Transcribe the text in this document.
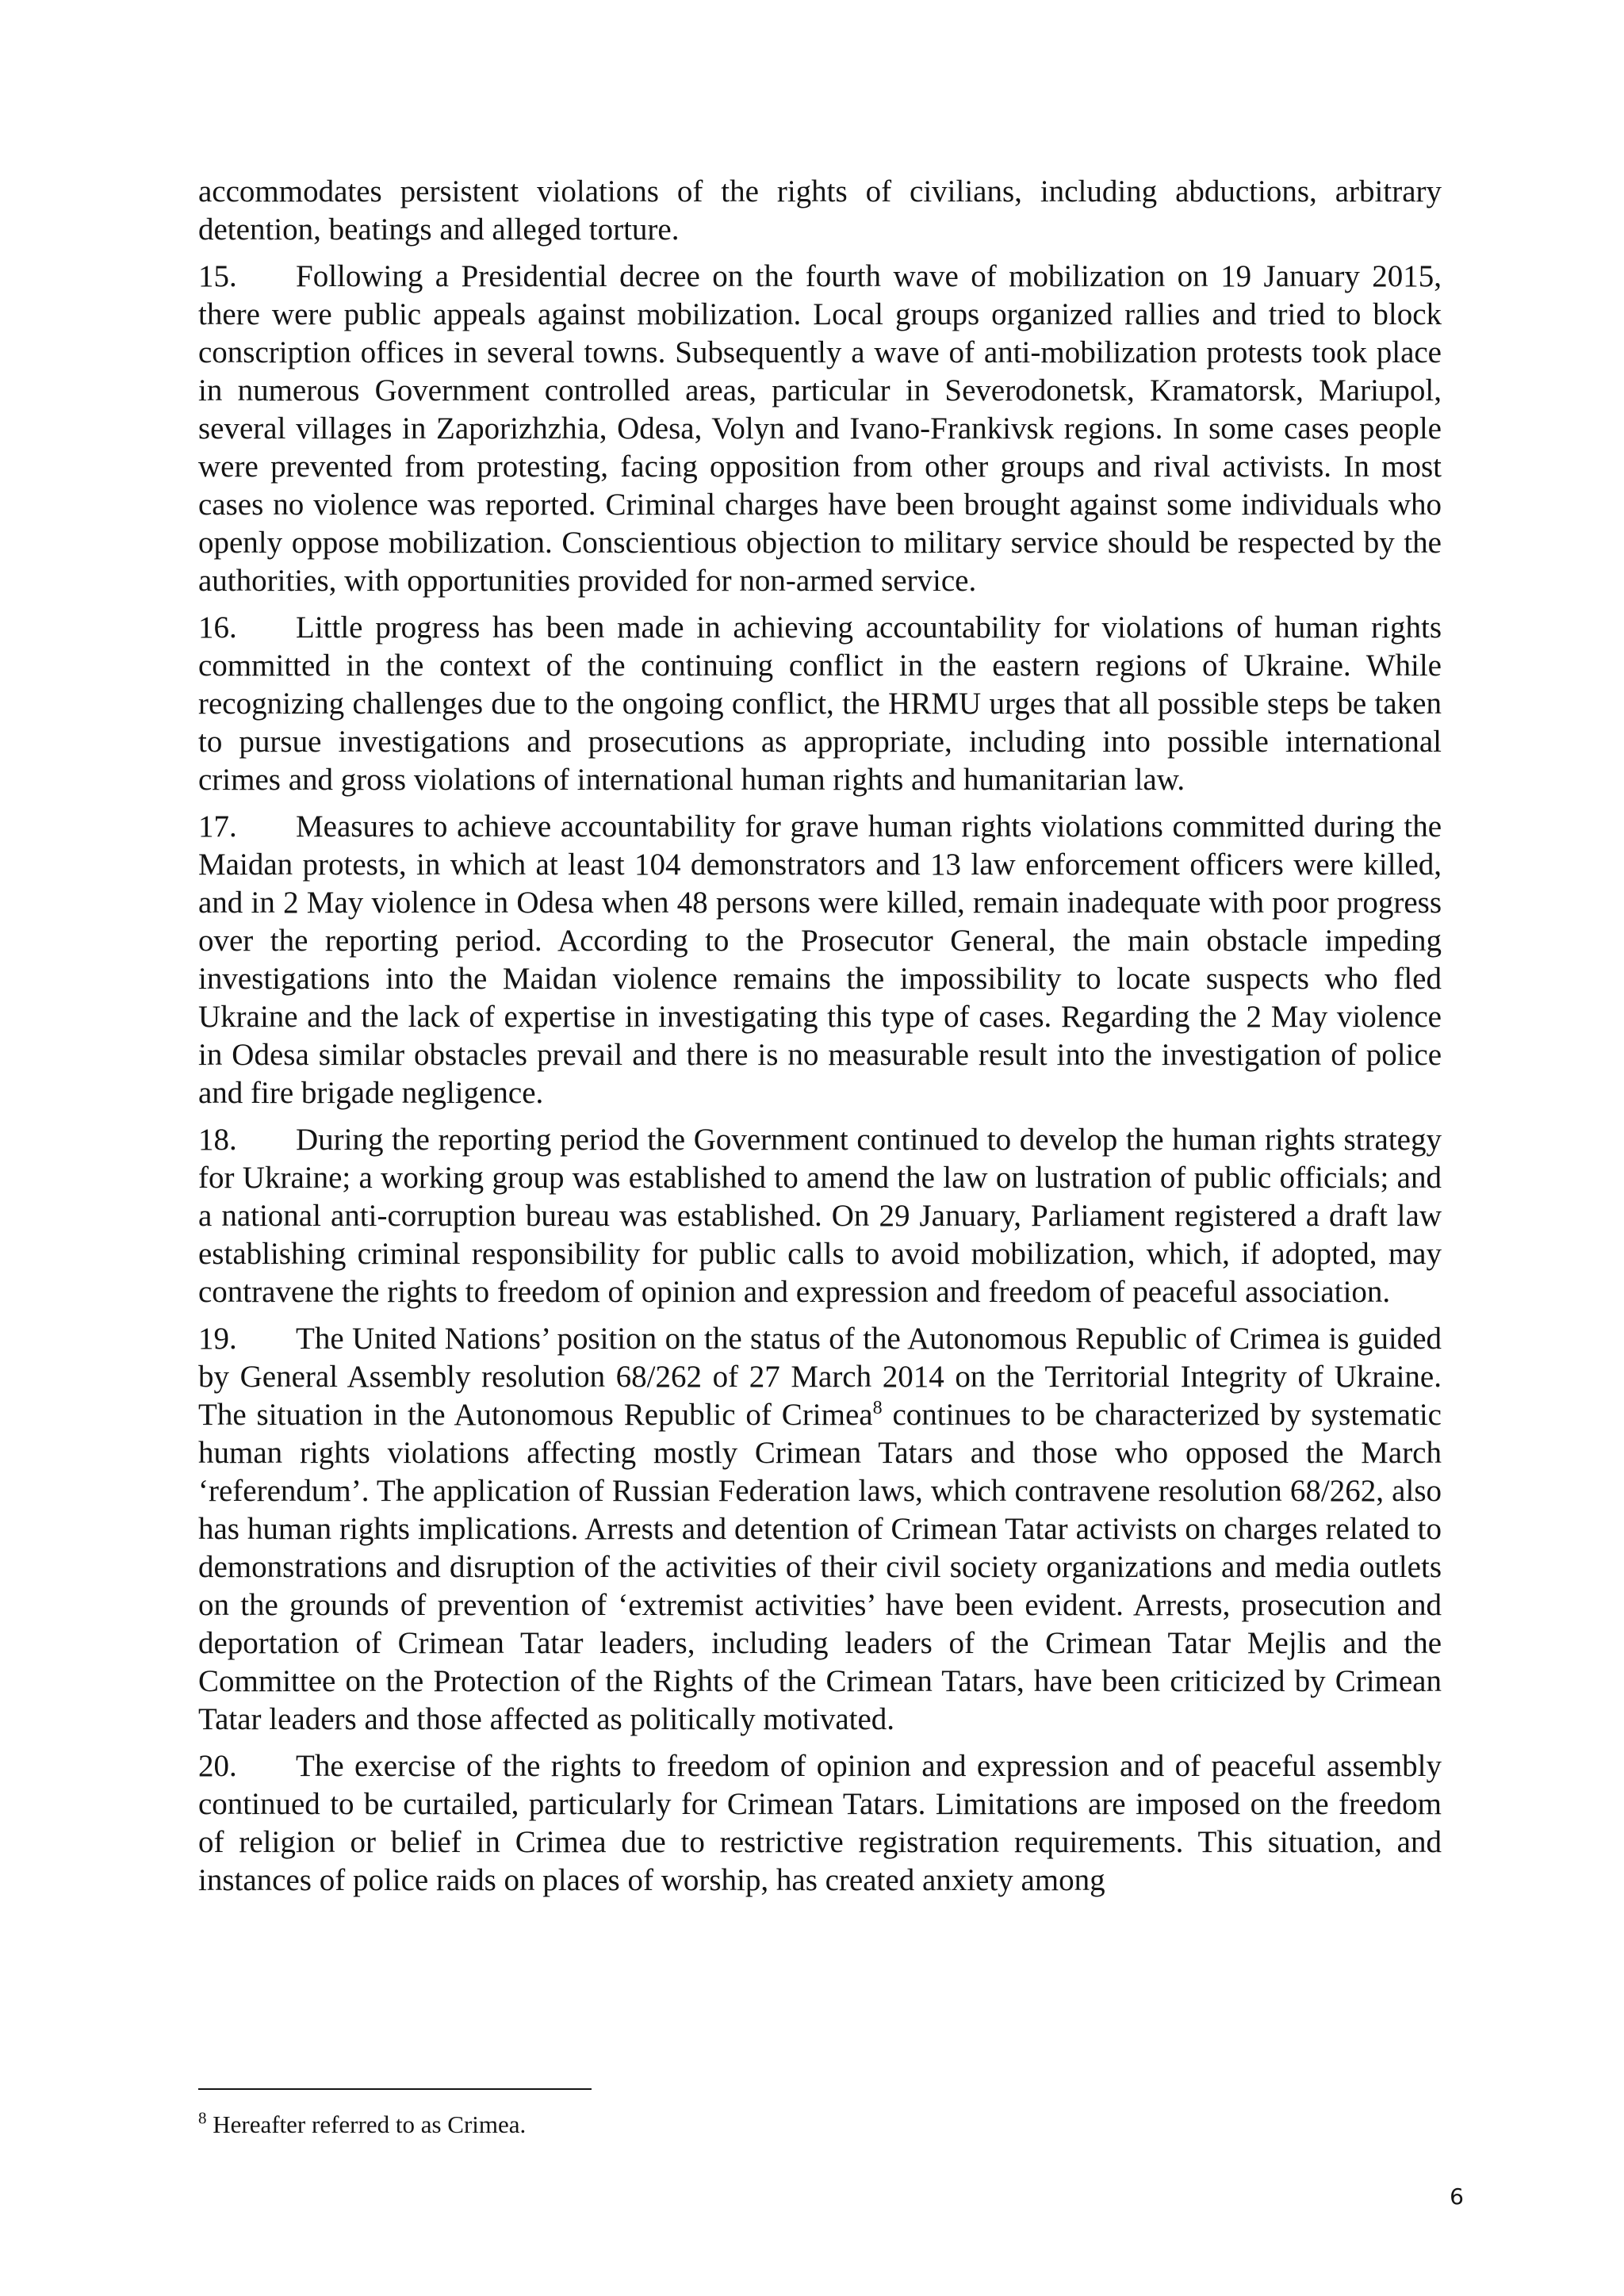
accommodates persistent violations of the rights of civilians, including abductions, arbitrary detention, beatings and alleged torture.

15. Following a Presidential decree on the fourth wave of mobilization on 19 January 2015, there were public appeals against mobilization. Local groups organized rallies and tried to block conscription offices in several towns. Subsequently a wave of anti-mobilization protests took place in numerous Government controlled areas, particular in Severodonetsk, Kramatorsk, Mariupol, several villages in Zaporizhzhia, Odesa, Volyn and Ivano-Frankivsk regions. In some cases people were prevented from protesting, facing opposition from other groups and rival activists. In most cases no violence was reported. Criminal charges have been brought against some individuals who openly oppose mobilization. Conscientious objection to military service should be respected by the authorities, with opportunities provided for non-armed service.

16. Little progress has been made in achieving accountability for violations of human rights committed in the context of the continuing conflict in the eastern regions of Ukraine. While recognizing challenges due to the ongoing conflict, the HRMU urges that all possible steps be taken to pursue investigations and prosecutions as appropriate, including into possible international crimes and gross violations of international human rights and humanitarian law.

17. Measures to achieve accountability for grave human rights violations committed during the Maidan protests, in which at least 104 demonstrators and 13 law enforcement officers were killed, and in 2 May violence in Odesa when 48 persons were killed, remain inadequate with poor progress over the reporting period. According to the Prosecutor General, the main obstacle impeding investigations into the Maidan violence remains the impossibility to locate suspects who fled Ukraine and the lack of expertise in investigating this type of cases. Regarding the 2 May violence in Odesa similar obstacles prevail and there is no measurable result into the investigation of police and fire brigade negligence.

18. During the reporting period the Government continued to develop the human rights strategy for Ukraine; a working group was established to amend the law on lustration of public officials; and a national anti-corruption bureau was established. On 29 January, Parliament registered a draft law establishing criminal responsibility for public calls to avoid mobilization, which, if adopted, may contravene the rights to freedom of opinion and expression and freedom of peaceful association.

19. The United Nations’ position on the status of the Autonomous Republic of Crimea is guided by General Assembly resolution 68/262 of 27 March 2014 on the Territorial Integrity of Ukraine. The situation in the Autonomous Republic of Crimea$^8$ continues to be characterized by systematic human rights violations affecting mostly Crimean Tatars and those who opposed the March ‘referendum’. The application of Russian Federation laws, which contravene resolution 68/262, also has human rights implications. Arrests and detention of Crimean Tatar activists on charges related to demonstrations and disruption of the activities of their civil society organizations and media outlets on the grounds of prevention of ‘extremist activities’ have been evident. Arrests, prosecution and deportation of Crimean Tatar leaders, including leaders of the Crimean Tatar Mejlis and the Committee on the Protection of the Rights of the Crimean Tatars, have been criticized by Crimean Tatar leaders and those affected as politically motivated.

20. The exercise of the rights to freedom of opinion and expression and of peaceful assembly continued to be curtailed, particularly for Crimean Tatars. Limitations are imposed on the freedom of religion or belief in Crimea due to restrictive registration requirements. This situation, and instances of police raids on places of worship, has created anxiety among

$^8$ Hereafter referred to as Crimea.
6
